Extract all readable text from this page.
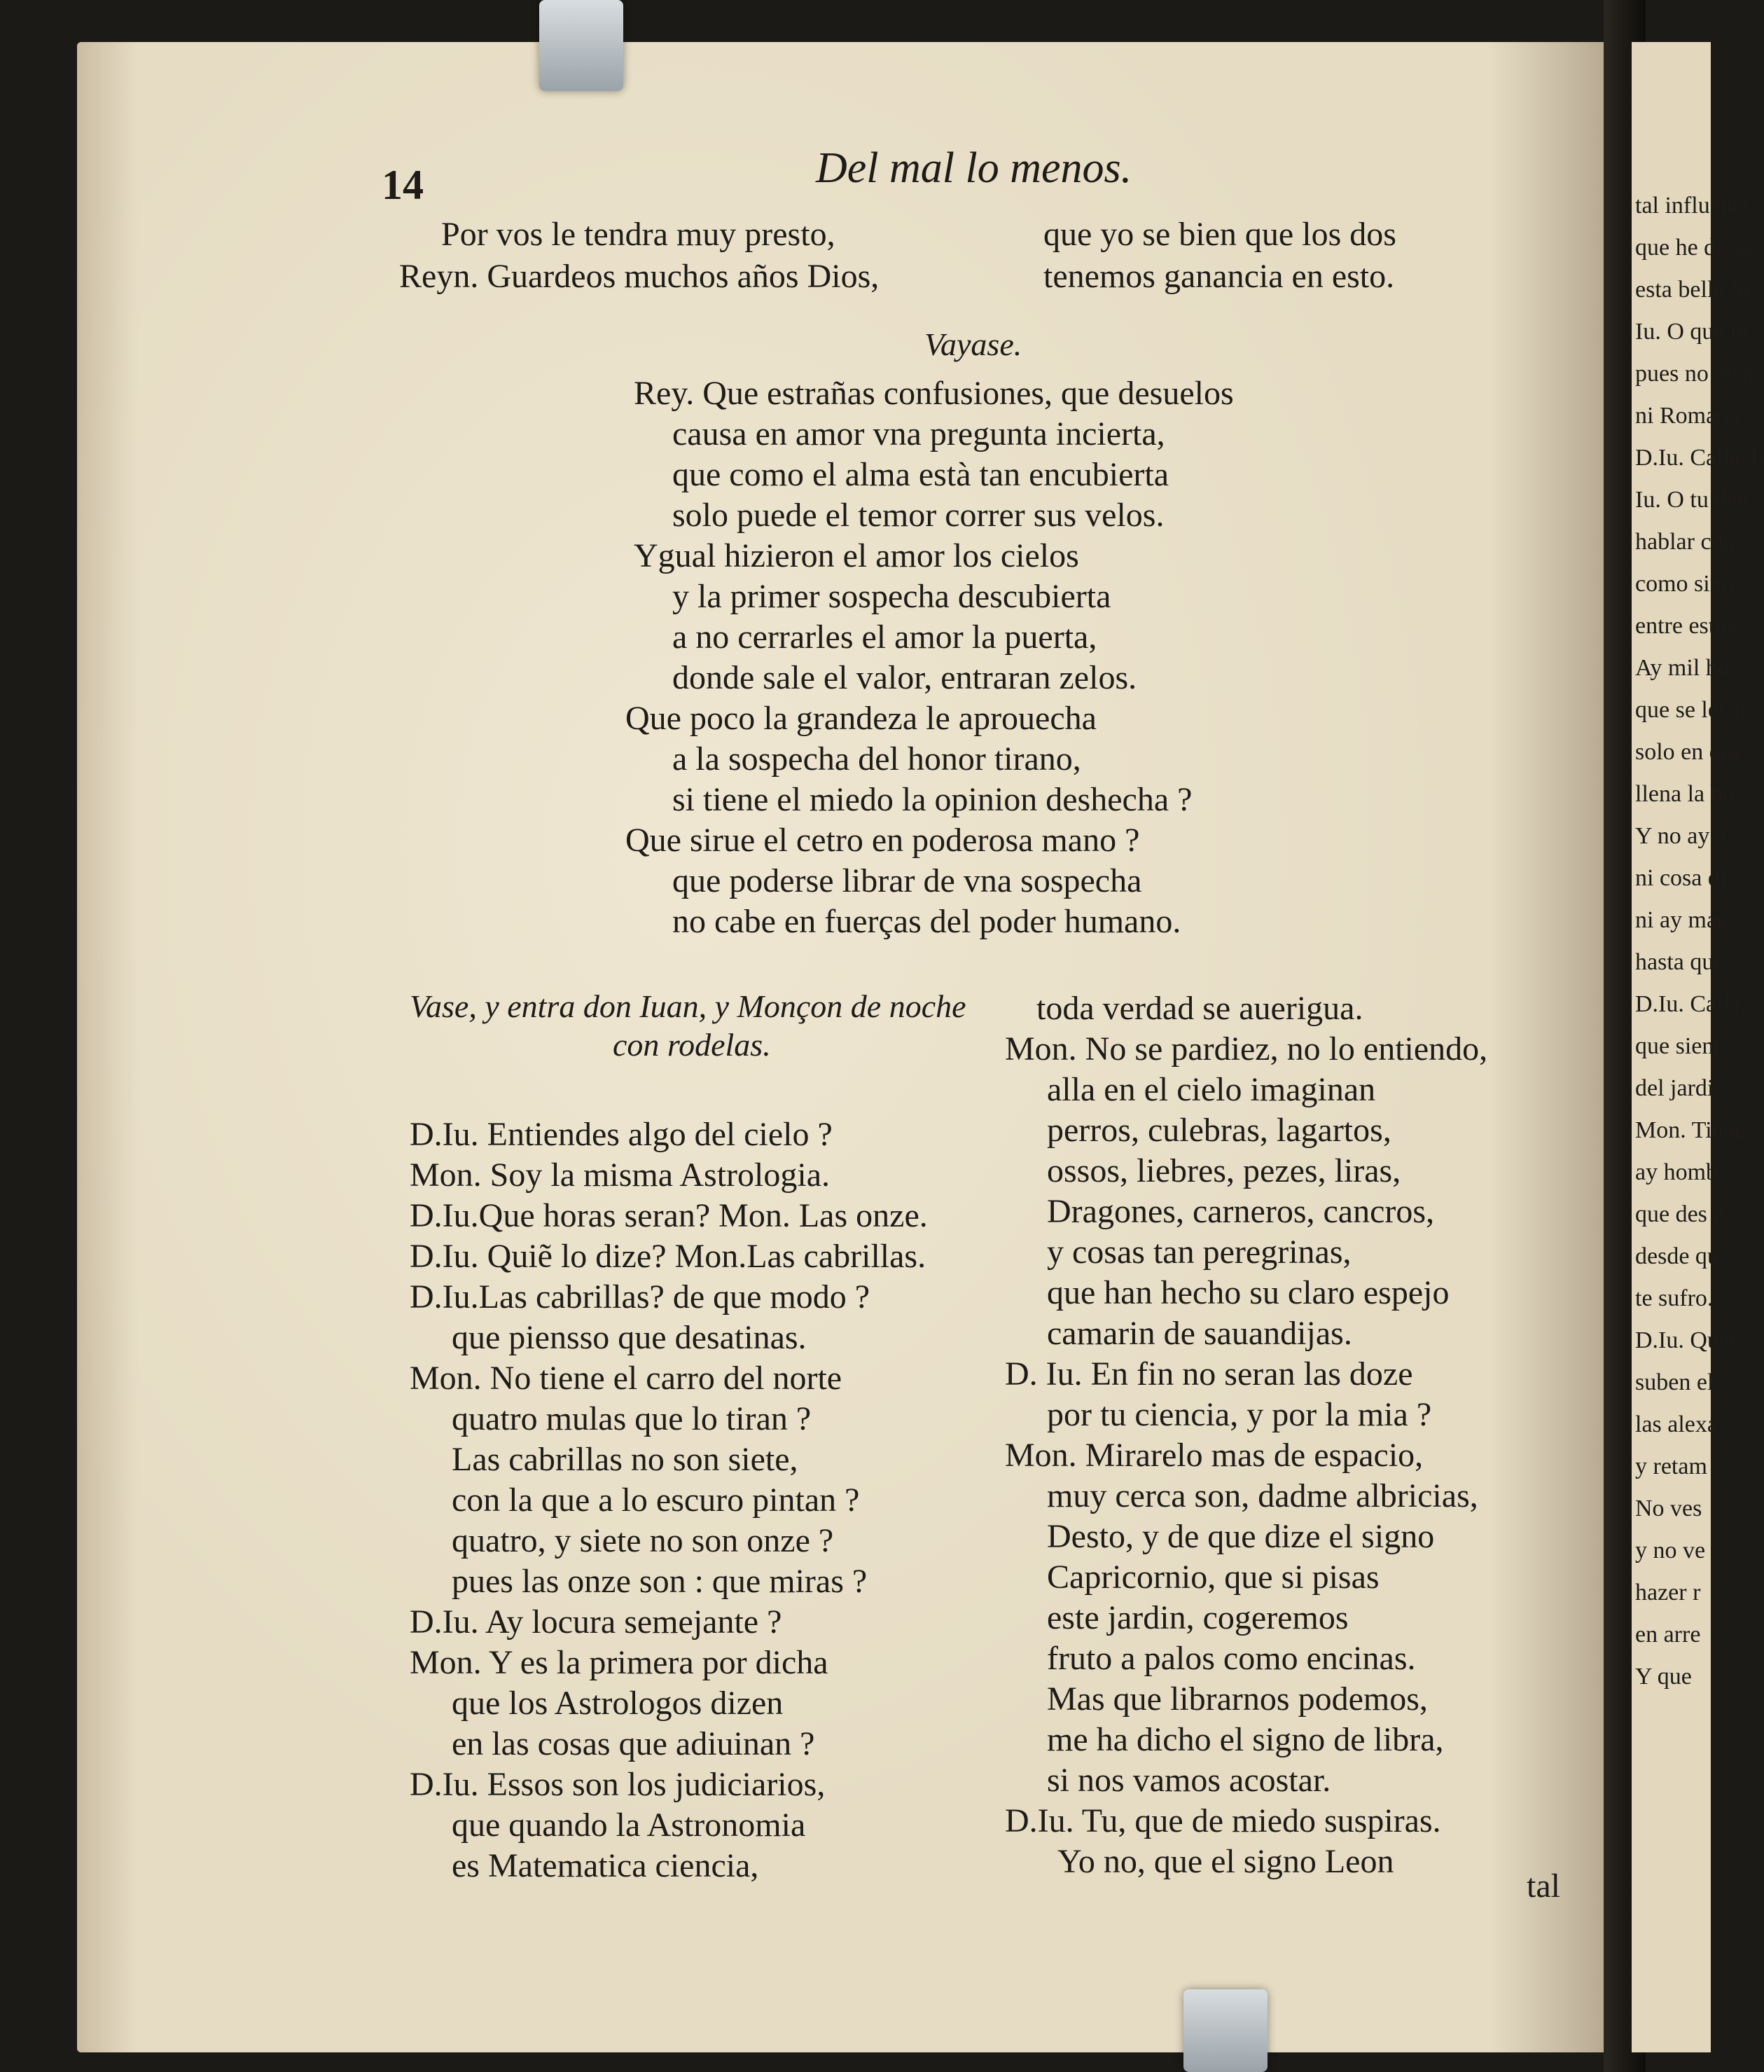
14	Del mal lo menos.
Por vos le tendra muy presto,
Reyn. Guardeos muchos años Dios,
que yo se bien que los dos
tenemos ganancia en esto.
Vayase.
Rey. Que estrañas confusiones, que desuelos
causa en amor vna pregunta incierta,
que como el alma està tan encubierta
solo puede el temor correr sus velos.
Ygual hizieron el amor los cielos
y la primer sospecha descubierta
a no cerrarles el amor la puerta,
donde sale el valor, entraran zelos.
Que poco la grandeza le aprouecha
a la sospecha del honor tirano,
si tiene el miedo la opinion deshecha ?
Que sirue el cetro en poderosa mano ?
que poderse librar de vna sospecha
no cabe en fuerças del poder humano.
Vase, y entra don Iuan, y Monçon de noche
con rodelas.
D.Iu. Entiendes algo del cielo ?
Mon. Soy la misma Astrologia.
D.Iu.Que horas seran? Mon. Las onze.
D.Iu. Quiẽ lo dize? Mon.Las cabrillas.
D.Iu.Las cabrillas? de que modo ?
que piensso que desatinas.
Mon. No tiene el carro del norte
quatro mulas que lo tiran ?
Las cabrillas no son siete,
con la que a lo escuro pintan ?
quatro, y siete no son onze ?
pues las onze son : que miras ?
D.Iu. Ay locura semejante ?
Mon. Y es la primera por dicha
que los Astrologos dizen
en las cosas que adiuinan ?
D.Iu. Essos son los judiciarios,
que quando la Astronomia
es Matematica ciencia,
toda verdad se auerigua.
Mon. No se pardiez, no lo entiendo,
alla en el cielo imaginan
perros, culebras, lagartos,
ossos, liebres, pezes, liras,
Dragones, carneros, cancros,
y cosas tan peregrinas,
que han hecho su claro espejo
camarin de sauandijas.
D. Iu. En fin no seran las doze
por tu ciencia, y por la mia ?
Mon. Mirarelo mas de espacio,
muy cerca son, dadme albricias,
Desto, y de que dize el signo
Capricornio, que si pisas
este jardin, cogeremos
fruto a palos como encinas.
Mas que librarnos podemos,
me ha dicho el signo de libra,
si nos vamos acostar.
D.Iu. Tu, que de miedo suspiras.
Yo no, que el signo Leon
tal
tal influenci
que he de se
esta bella Sc
Iu. O que m
pues no ay a
ni Romano
D.Iu. Calla, b
Iu. O tu deu
hablar con
como sino
entre estos,
Ay mil ho
que se les p
solo en dez
llena la bo
Y no ay a
ni cosa di
ni ay mas
hasta que
D.Iu. Calla,
que sient
del jardi
Mon. Tiene
ay homb
que des e
desde qu
te sufro.
D.Iu. Quec
suben el
las alexa
y retam
No ves
y no ve
hazer r
en arre
Y que
